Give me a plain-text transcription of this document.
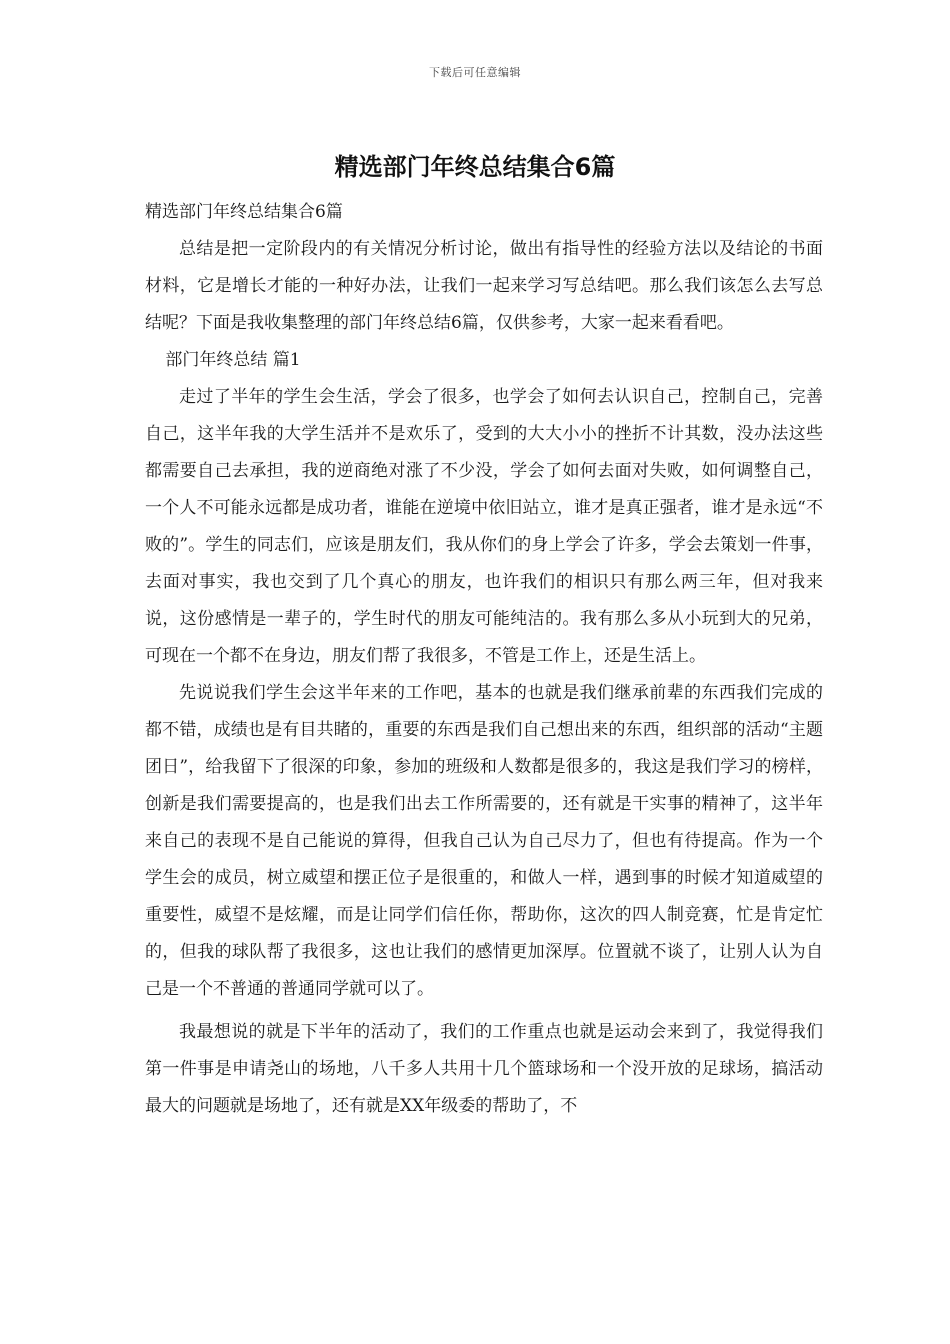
下载后可任意编辑
精选部门年终总结集合6篇

精选部门年终总结集合6篇

总结是把一定阶段内的有关情况分析讨论，做出有指导性的经验方法以及结论的书面材料，它是增长才能的一种好办法，让我们一起来学习写总结吧。那么我们该怎么去写总结呢？下面是我收集整理的部门年终总结6篇，仅供参考，大家一起来看看吧。

部门年终总结 篇1

走过了半年的学生会生活，学会了很多，也学会了如何去认识自己，控制自己，完善自己，这半年我的大学生活并不是欢乐了，受到的大大小小的挫折不计其数，没办法这些都需要自己去承担，我的逆商绝对涨了不少没，学会了如何去面对失败，如何调整自己，一个人不可能永远都是成功者，谁能在逆境中依旧站立，谁才是真正强者，谁才是永远“不败的”。学生的同志们，应该是朋友们，我从你们的身上学会了许多，学会去策划一件事，去面对事实，我也交到了几个真心的朋友，也许我们的相识只有那么两三年，但对我来说，这份感情是一辈子的，学生时代的朋友可能纯洁的。我有那么多从小玩到大的兄弟，可现在一个都不在身边，朋友们帮了我很多，不管是工作上，还是生活上。

先说说我们学生会这半年来的工作吧，基本的也就是我们继承前辈的东西我们完成的都不错，成绩也是有目共睹的，重要的东西是我们自己想出来的东西，组织部的活动“主题团日”，给我留下了很深的印象，参加的班级和人数都是很多的，我这是我们学习的榜样，创新是我们需要提高的，也是我们出去工作所需要的，还有就是干实事的精神了，这半年来自己的表现不是自己能说的算得，但我自己认为自己尽力了，但也有待提高。作为一个学生会的成员，树立威望和摆正位子是很重的，和做人一样，遇到事的时候才知道威望的重要性，威望不是炫耀，而是让同学们信任你，帮助你，这次的四人制竞赛，忙是肯定忙的，但我的球队帮了我很多，这也让我们的感情更加深厚。位置就不谈了，让别人认为自己是一个不普通的普通同学就可以了。

我最想说的就是下半年的活动了，我们的工作重点也就是运动会来到了，我觉得我们第一件事是申请尧山的场地，八千多人共用十几个篮球场和一个没开放的足球场，搞活动最大的问题就是场地了，还有就是XX年级委的帮助了，不
